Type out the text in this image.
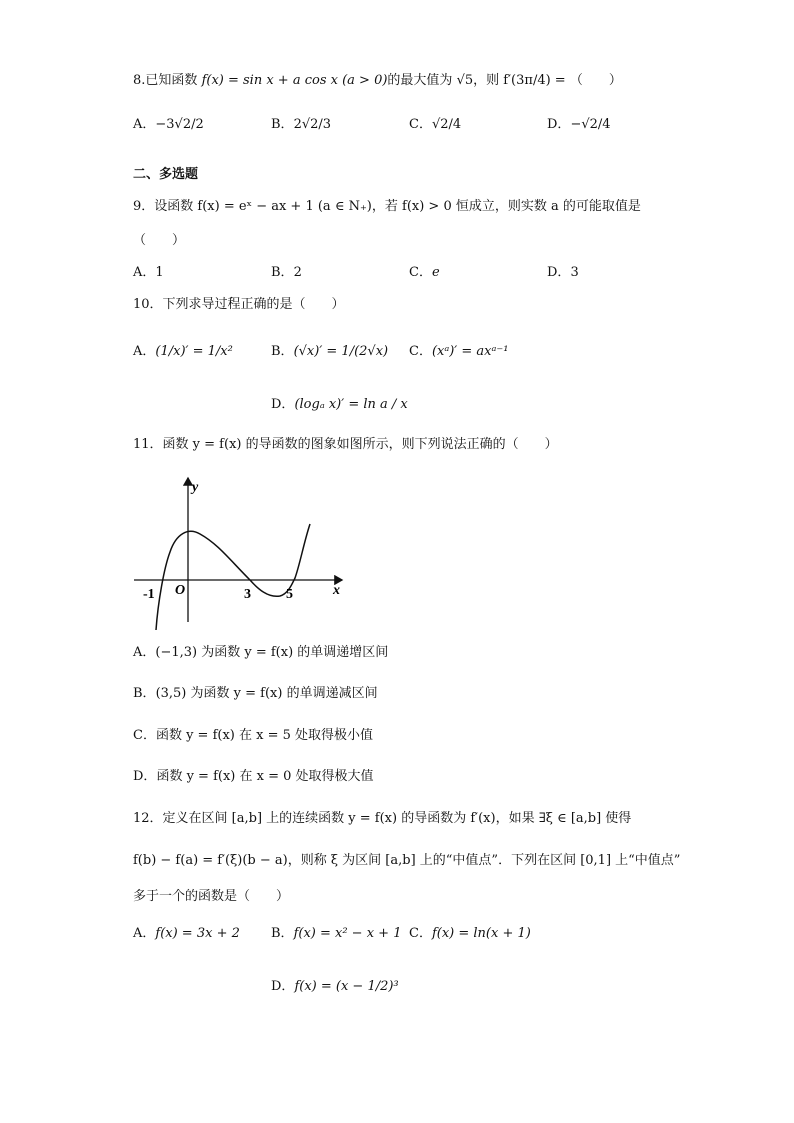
8.已知函数 f(x) = sin x + a cos x (a > 0)的最大值为 √5，则 f′(3π/4) = （　　）
A．−3√2/2	B．2√2/3	C．√2/4	D．−√2/4
二、多选题
9．设函数 f(x) = eˣ − ax + 1 (a ∈ N₊)，若 f(x) > 0 恒成立，则实数 a 的可能取值是
（　　）
A．1	B．2	C．e	D．3
10．下列求导过程正确的是（　　）
A．(1/x)′ = 1/x²	B．(√x)′ = 1/(2√x) C．(xᵃ)′ = axᵃ⁻¹
D．(logₐ x)′ = ln a / x
11．函数 y = f(x) 的导函数的图象如图所示，则下列说法正确的（　　）
y
x
O
-1	3	5
A．(−1,3) 为函数 y = f(x) 的单调递增区间
B．(3,5) 为函数 y = f(x) 的单调递减区间
C．函数 y = f(x) 在 x = 5 处取得极小值
D．函数 y = f(x) 在 x = 0 处取得极大值
12．定义在区间 [a,b] 上的连续函数 y = f(x) 的导函数为 f′(x)，如果 ∃ξ ∈ [a,b] 使得
f(b) − f(a) = f′(ξ)(b − a)，则称 ξ 为区间 [a,b] 上的“中值点”．下列在区间 [0,1] 上“中值点”
多于一个的函数是（　　）
A．f(x) = 3x + 2 B．f(x) = x² − x + 1 C．f(x) = ln(x + 1)
D．f(x) = (x − 1/2)³
